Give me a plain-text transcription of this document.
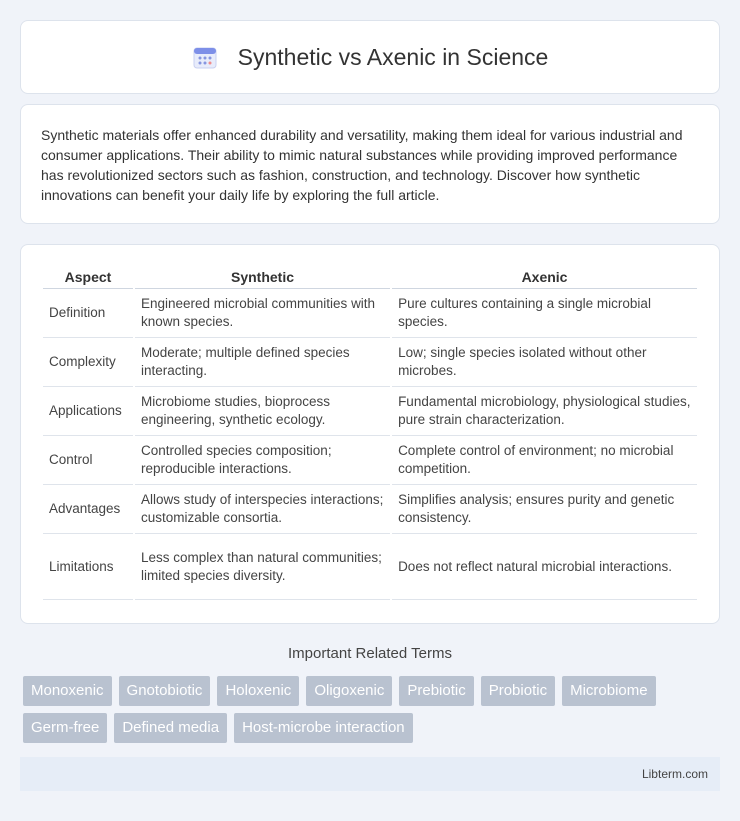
Synthetic vs Axenic in Science

Synthetic materials offer enhanced durability and versatility, making them ideal for various industrial and consumer applications. Their ability to mimic natural substances while providing improved performance has revolutionized sectors such as fashion, construction, and technology. Discover how synthetic innovations can benefit your daily life by exploring the full article.

Aspect	Synthetic	Axenic
Definition	Engineered microbial communities with known species.	Pure cultures containing a single microbial species.
Complexity	Moderate; multiple defined species interacting.	Low; single species isolated without other microbes.
Applications	Microbiome studies, bioprocess engineering, synthetic ecology.	Fundamental microbiology, physiological studies, pure strain characterization.
Control	Controlled species composition; reproducible interactions.	Complete control of environment; no microbial competition.
Advantages	Allows study of interspecies interactions; customizable consortia.	Simplifies analysis; ensures purity and genetic consistency.
Limitations	Less complex than natural communities; limited species diversity.	Does not reflect natural microbial interactions.
Important Related Terms
Monoxenic	Gnotobiotic	Holoxenic	Oligoxenic	Prebiotic	Probiotic	Microbiome
Germ-free	Defined media	Host-microbe interaction
Libterm.com
